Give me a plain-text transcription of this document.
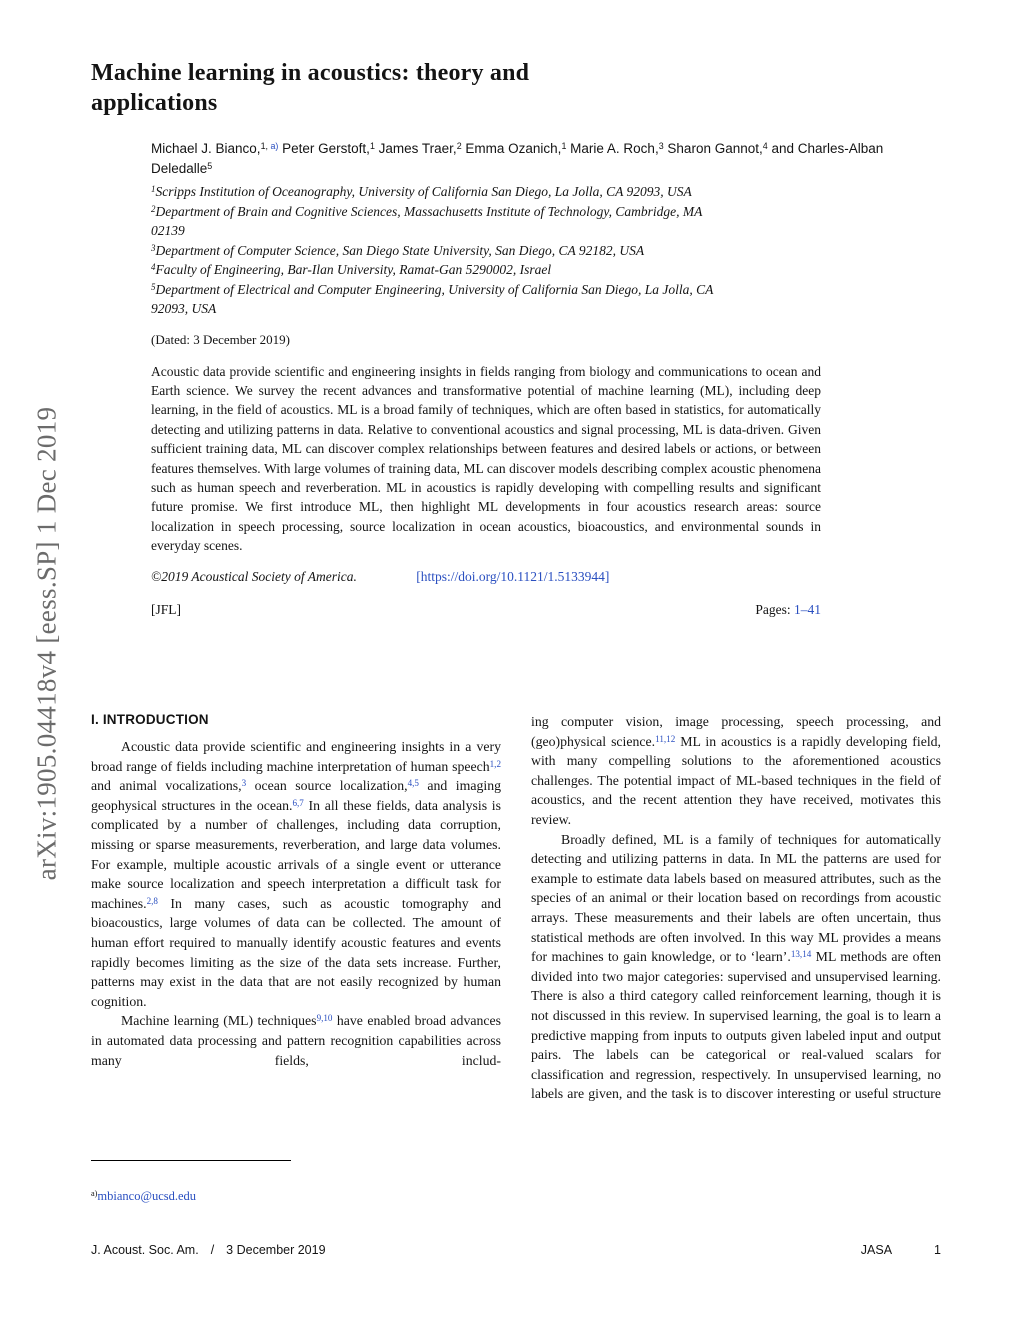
arXiv:1905.04418v4 [eess.SP] 1 Dec 2019
Machine learning in acoustics: theory and
applications
Michael J. Bianco,$^{1, a)}$ Peter Gerstoft,$^1$ James Traer,$^2$ Emma Ozanich,$^1$ Marie A. Roch,$^3$ Sharon Gannot,$^4$ and Charles-Alban Deledalle$^5$
$^1$Scripps Institution of Oceanography, University of California San Diego, La Jolla, CA 92093, USA
$^2$Department of Brain and Cognitive Sciences, Massachusetts Institute of Technology, Cambridge, MA 02139
$^3$Department of Computer Science, San Diego State University, San Diego, CA 92182, USA
$^4$Faculty of Engineering, Bar-Ilan University, Ramat-Gan 5290002, Israel
$^5$Department of Electrical and Computer Engineering, University of California San Diego, La Jolla, CA 92093, USA
(Dated: 3 December 2019)
Acoustic data provide scientific and engineering insights in fields ranging from biology and communications to ocean and Earth science. We survey the recent advances and transformative potential of machine learning (ML), including deep learning, in the field of acoustics. ML is a broad family of techniques, which are often based in statistics, for automatically detecting and utilizing patterns in data. Relative to conventional acoustics and signal processing, ML is data-driven. Given sufficient training data, ML can discover complex relationships between features and desired labels or actions, or between features themselves. With large volumes of training data, ML can discover models describing complex acoustic phenomena such as human speech and reverberation. ML in acoustics is rapidly developing with compelling results and significant future promise. We first introduce ML, then highlight ML developments in four acoustics research areas: source localization in speech processing, source localization in ocean acoustics, bioacoustics, and environmental sounds in everyday scenes.
©2019 Acoustical Society of America.	[https://doi.org/10.1121/1.5133944]
[JFL]	Pages: 1–41
I. INTRODUCTION

Acoustic data provide scientific and engineering insights in a very broad range of fields including machine interpretation of human speech$^{1,2}$ and animal vocalizations,$^3$ ocean source localization,$^{4,5}$ and imaging geophysical structures in the ocean.$^{6,7}$ In all these fields, data analysis is complicated by a number of challenges, including data corruption, missing or sparse measurements, reverberation, and large data volumes. For example, multiple acoustic arrivals of a single event or utterance make source localization and speech interpretation a difficult task for machines.$^{2,8}$ In many cases, such as acoustic tomography and bioacoustics, large volumes of data can be collected. The amount of human effort required to manually identify acoustic features and events rapidly becomes limiting as the size of the data sets increase. Further, patterns may exist in the data that are not easily recognized by human cognition.

Machine learning (ML) techniques$^{9,10}$ have enabled broad advances in automated data processing and pattern recognition capabilities across many fields, includ-

ing computer vision, image processing, speech processing, and (geo)physical science.$^{11,12}$ ML in acoustics is a rapidly developing field, with many compelling solutions to the aforementioned acoustics challenges. The potential impact of ML-based techniques in the field of acoustics, and the recent attention they have received, motivates this review.

Broadly defined, ML is a family of techniques for automatically detecting and utilizing patterns in data. In ML the patterns are used for example to estimate data labels based on measured attributes, such as the species of an animal or their location based on recordings from acoustic arrays. These measurements and their labels are often uncertain, thus statistical methods are often involved. In this way ML provides a means for machines to gain knowledge, or to ‘learn’.$^{13,14}$ ML methods are often divided into two major categories: supervised and unsupervised learning. There is also a third category called reinforcement learning, though it is not discussed in this review. In supervised learning, the goal is to learn a predictive mapping from inputs to outputs given labeled input and output pairs. The labels can be categorical or real-valued scalars for classification and regression, respectively. In unsupervised learning, no labels are given, and the task is to discover interesting or useful structure

$^{a)}$mbianco@ucsd.edu
J. Acoust. Soc. Am. / 3 December 2019	JASA	1
